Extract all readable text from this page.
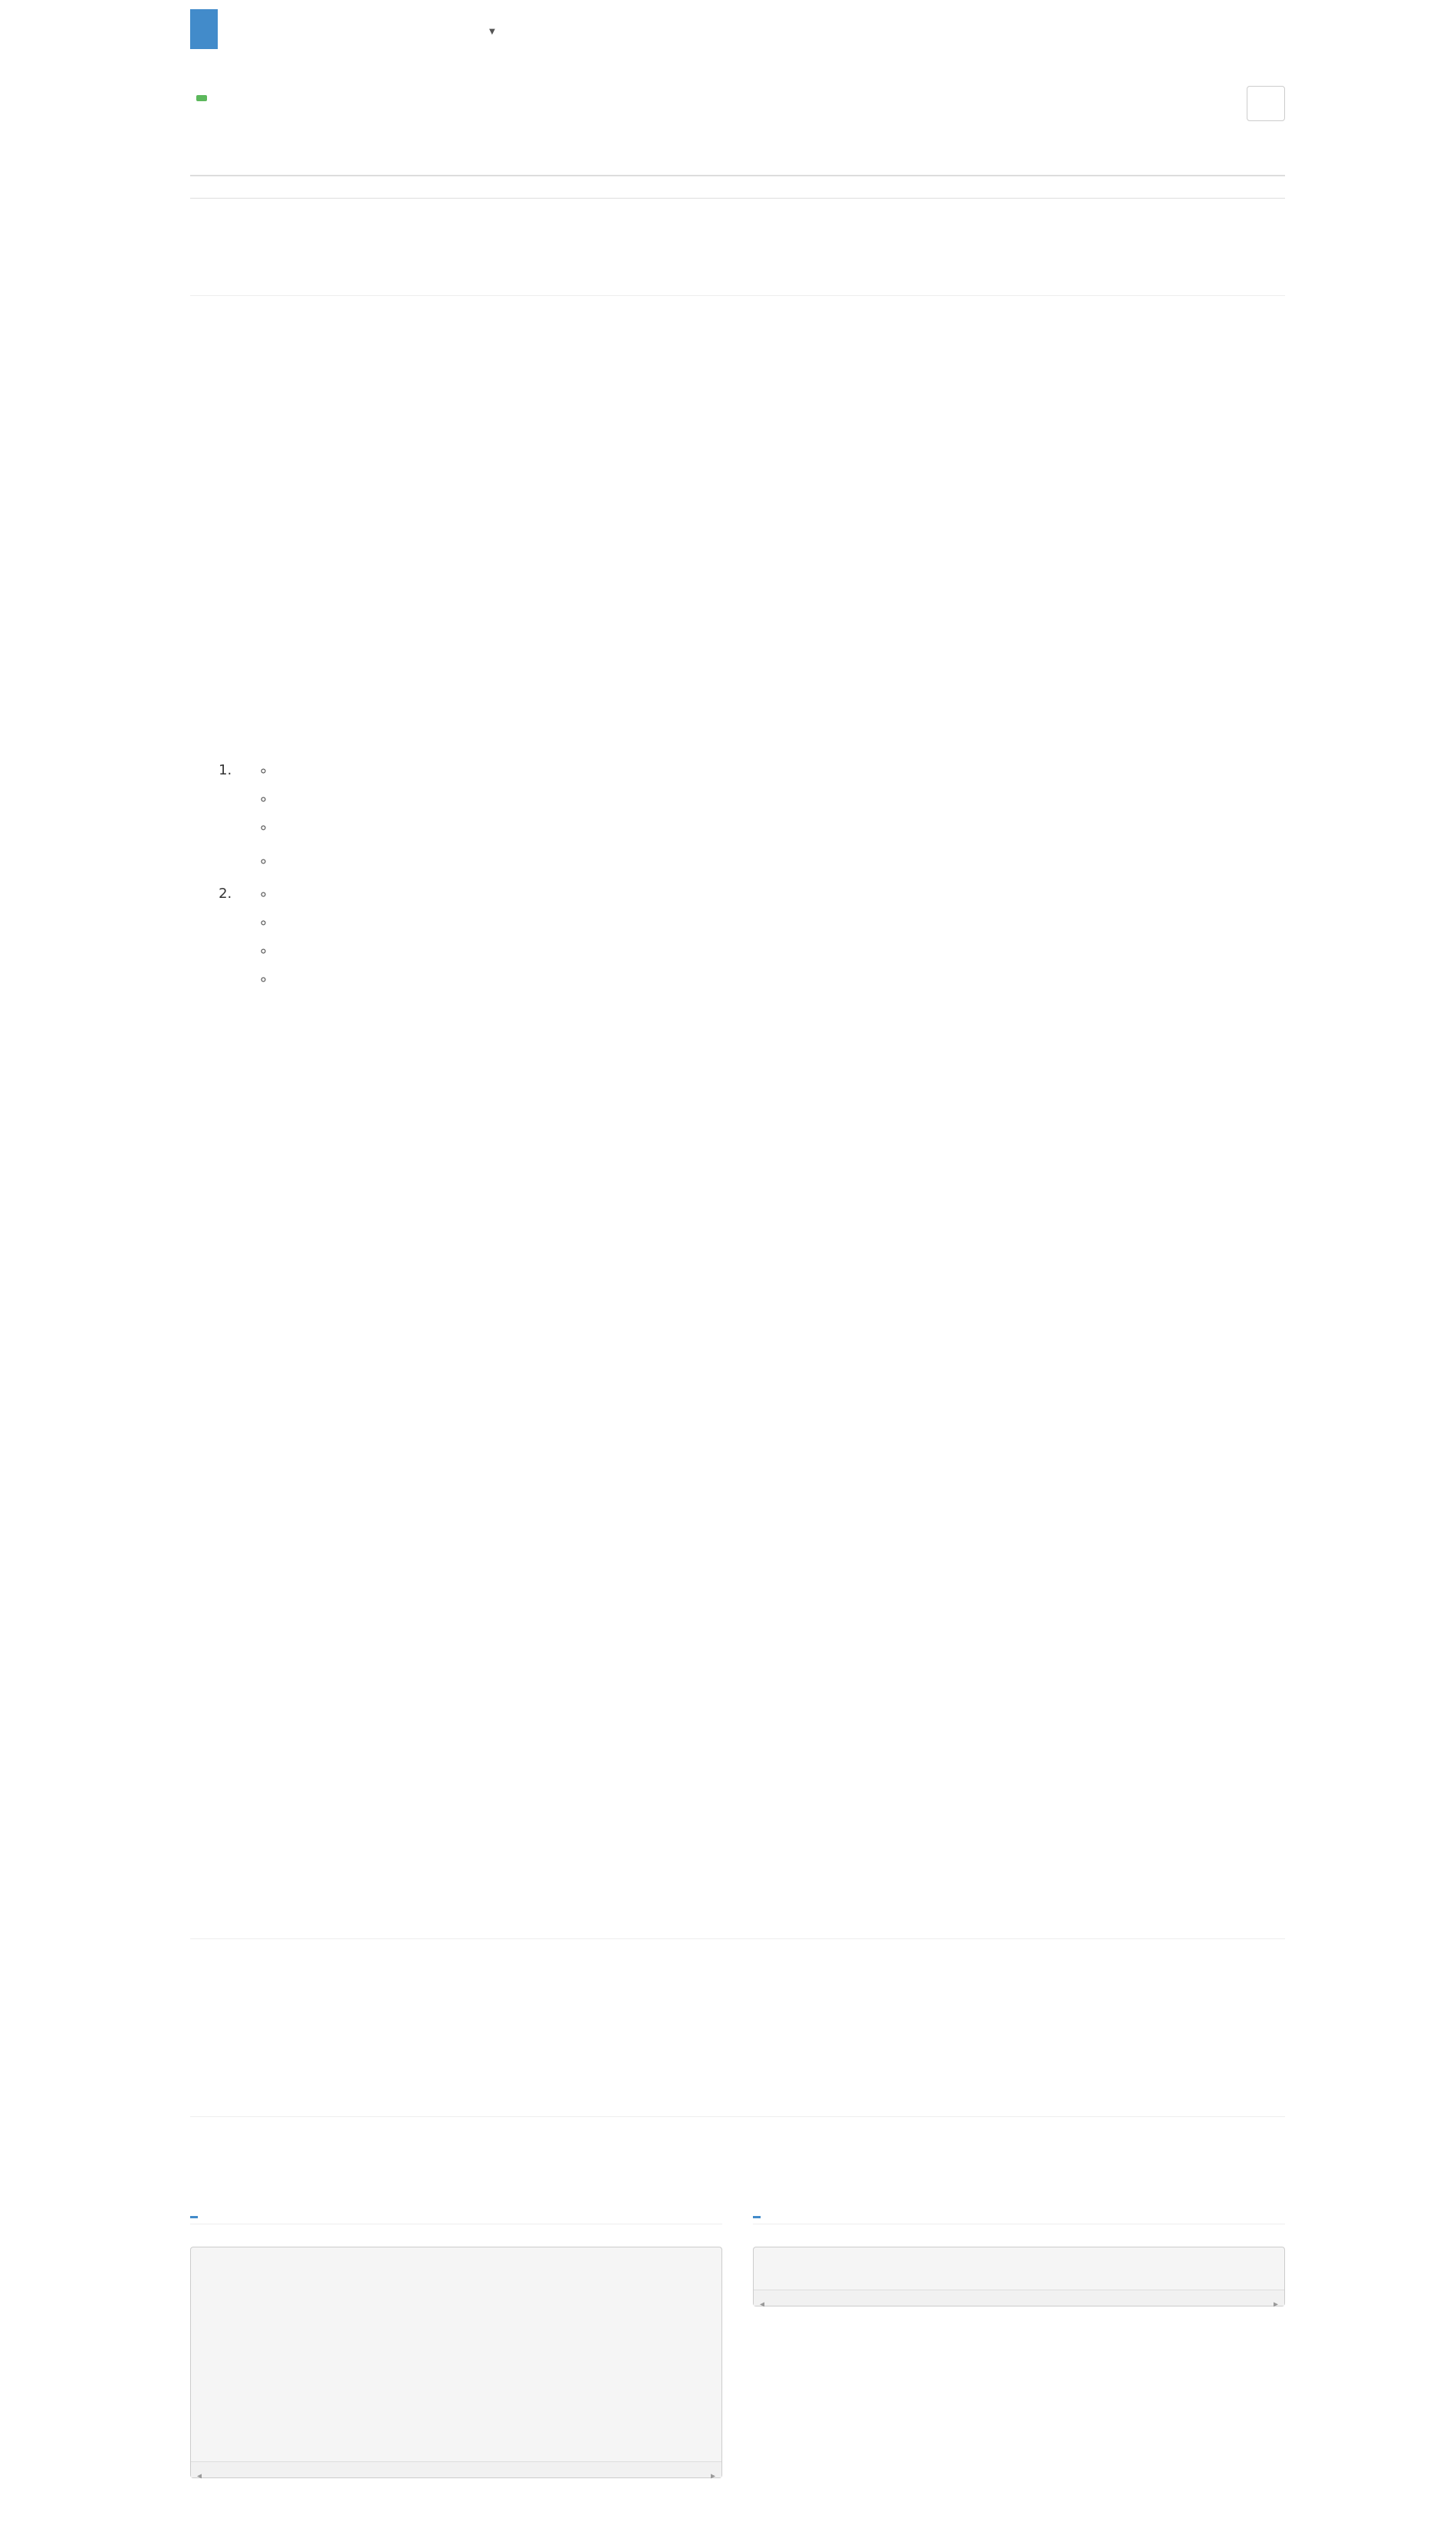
▼

1.
◦
◦
◦
◦
2.
◦
◦
◦
◦
◀	▶
◀	▶
